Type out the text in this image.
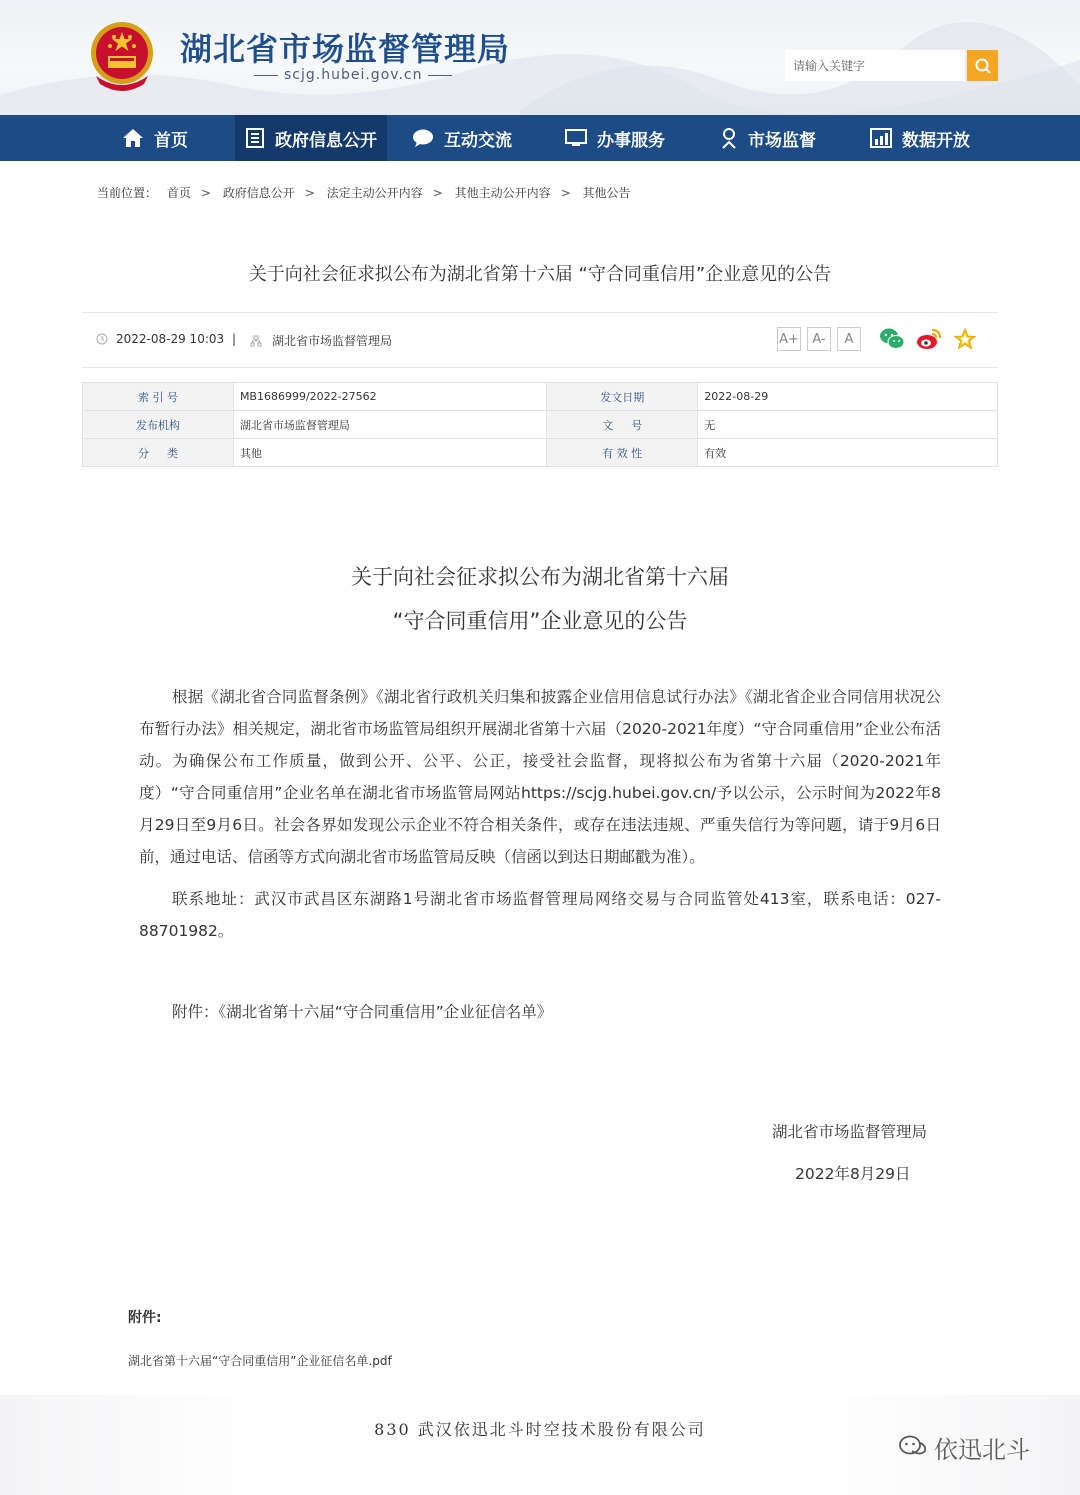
湖北省市场监督管理局
scjg.hubei.gov.cn
请输入关键字
首页	政府信息公开	互动交流	办事服务	市场监督	数据开放
当前位置： 首页 > 政府信息公开 > 法定主动公开内容 > 其他主动公开内容 > 其他公告
关于向社会征求拟公布为湖北省第十六届 “守合同重信用”企业意见的公告
2022-08-29 10:03 |	湖北省市场监督管理局	A+	A-	A
索 引 号	MB1686999/2022-27562	发文日期	2022-08-29
发布机构	湖北省市场监督管理局	文 　 号	无
分 　 类	其他	有 效 性	有效
关于向社会征求拟公布为湖北省第十六届
“守合同重信用”企业意见的公告
根据《湖北省合同监督条例》《湖北省行政机关归集和披露企业信用信息试行办法》《湖北省企业合同信用状况公布暂行办法》相关规定，湖北省市场监管局组织开展湖北省第十六届（2020-2021年度）“守合同重信用”企业公布活动。为确保公布工作质量，做到公开、公平、公正，接受社会监督，现将拟公布为省第十六届（2020-2021年度）“守合同重信用”企业名单在湖北省市场监管局网站https://scjg.hubei.gov.cn/予以公示，公示时间为2022年8月29日至9月6日。社会各界如发现公示企业不符合相关条件，或存在违法违规、严重失信行为等问题，请于9月6日前，通过电话、信函等方式向湖北省市场监管局反映（信函以到达日期邮戳为准）。
联系地址：武汉市武昌区东湖路1号湖北省市场监督管理局网络交易与合同监管处413室，联系电话：027-88701982。
附件：《湖北省第十六届“守合同重信用”企业征信名单》
湖北省市场监督管理局
2022年8月29日
附件:
湖北省第十六届“守合同重信用”企业征信名单.pdf
830 武汉依迅北斗时空技术股份有限公司
依迅北斗
